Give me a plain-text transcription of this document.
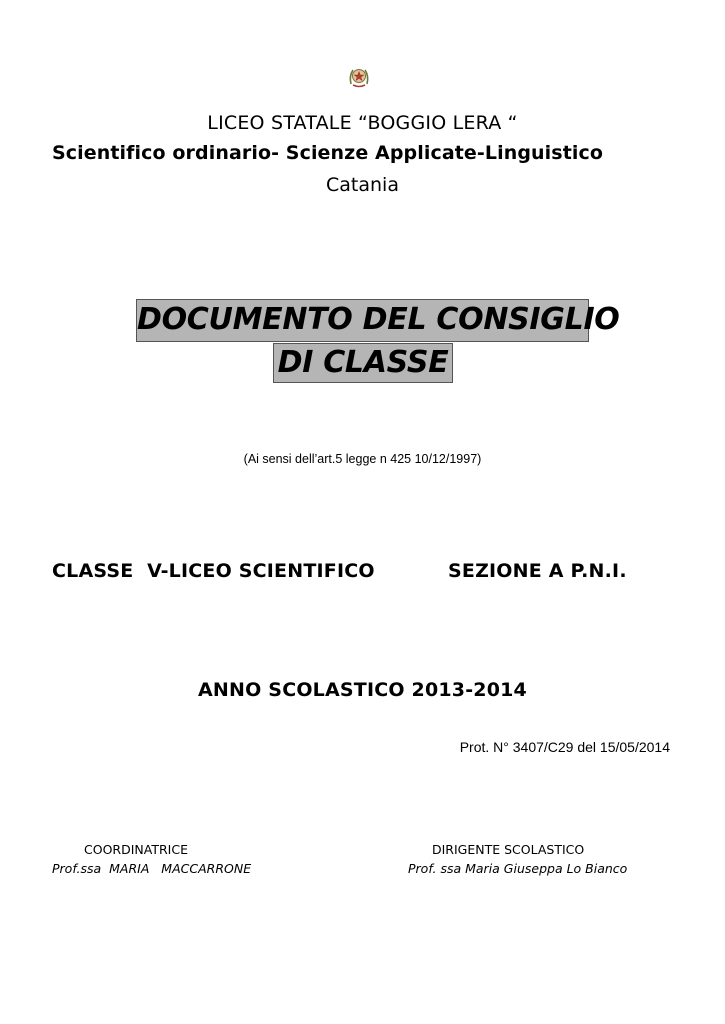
LICEO STATALE “BOGGIO LERA “
Scientifico ordinario- Scienze Applicate-Linguistico
Catania
DOCUMENTO DEL CONSIGLIO
DI CLASSE
(Ai sensi dell’art.5 legge n 425 10/12/1997)
CLASSE  V-LICEO SCIENTIFICO	SEZIONE A P.N.I.
ANNO SCOLASTICO 2013-2014
Prot. N° 3407/C29 del 15/05/2014
COORDINATRICE
Prof.ssa  MARIA   MACCARRONE
DIRIGENTE SCOLASTICO
Prof. ssa Maria Giuseppa Lo Bianco
